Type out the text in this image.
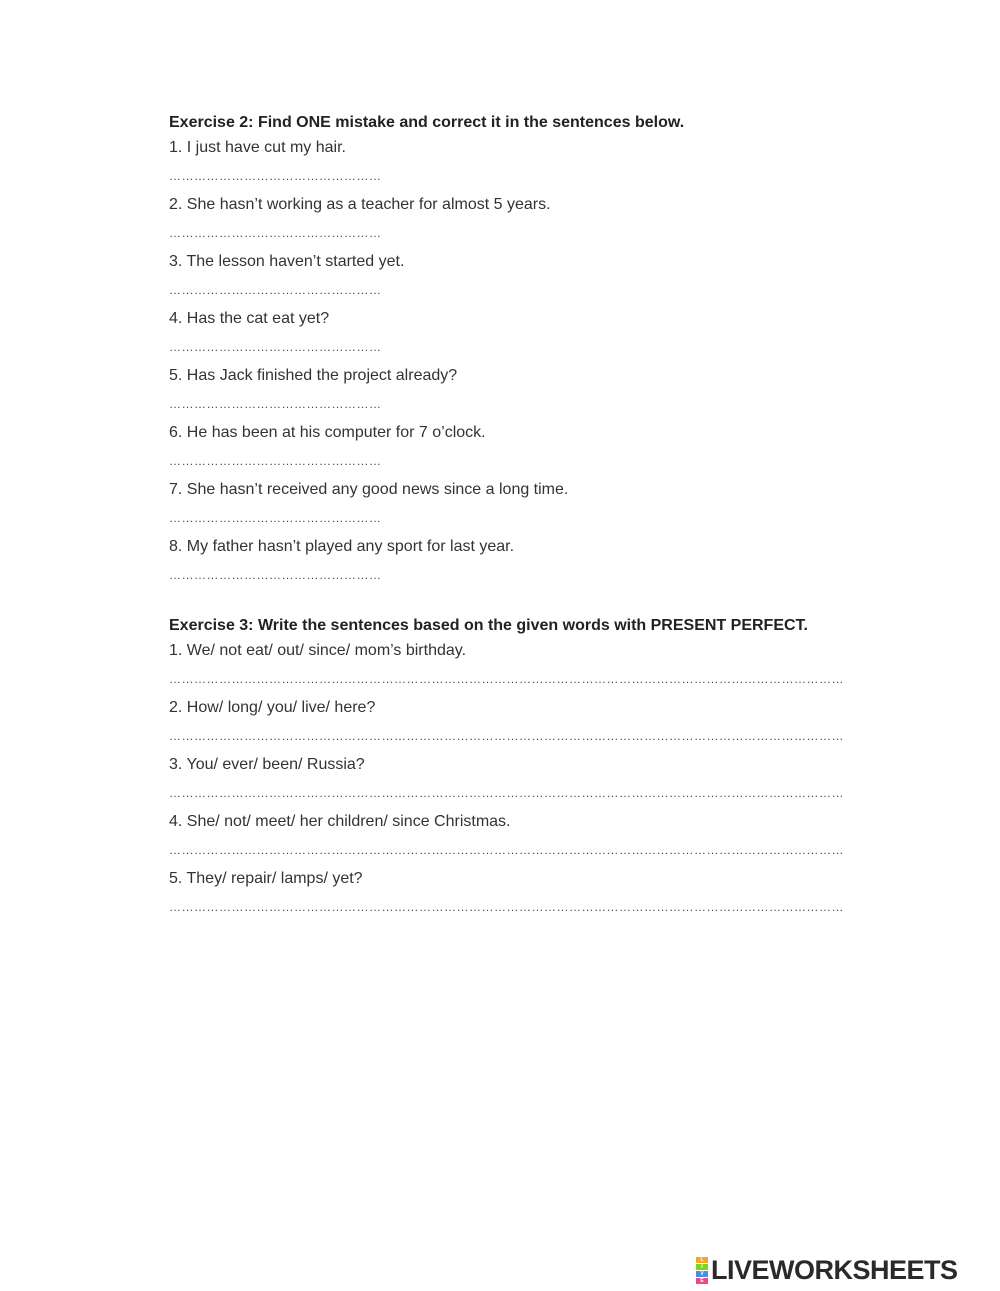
Exercise 2: Find ONE mistake and correct it in the sentences below.
1. I just have cut my hair.
……………………………………………
2. She hasn’t working as a teacher for almost 5 years.
……………………………………………
3. The lesson haven’t started yet.
……………………………………………
4. Has the cat eat yet?
……………………………………………
5. Has Jack finished the project already?
……………………………………………
6. He has been at his computer for 7 o’clock.
……………………………………………
7. She hasn’t received any good news since a long time.
……………………………………………
8. My father hasn’t played any sport for last year.
……………………………………………
Exercise 3: Write the sentences based on the given words with PRESENT PERFECT.
1. We/ not eat/ out/ since/ mom’s birthday.
………………………………………………………………………………………………………………………………………………
2. How/ long/ you/ live/ here?
………………………………………………………………………………………………………………………………………………
3. You/ ever/ been/ Russia?
………………………………………………………………………………………………………………………………………………
4. She/ not/ meet/ her children/ since Christmas.
………………………………………………………………………………………………………………………………………………
5. They/ repair/ lamps/ yet?
………………………………………………………………………………………………………………………………………………
L
I
V
E LIVEWORKSHEETS
